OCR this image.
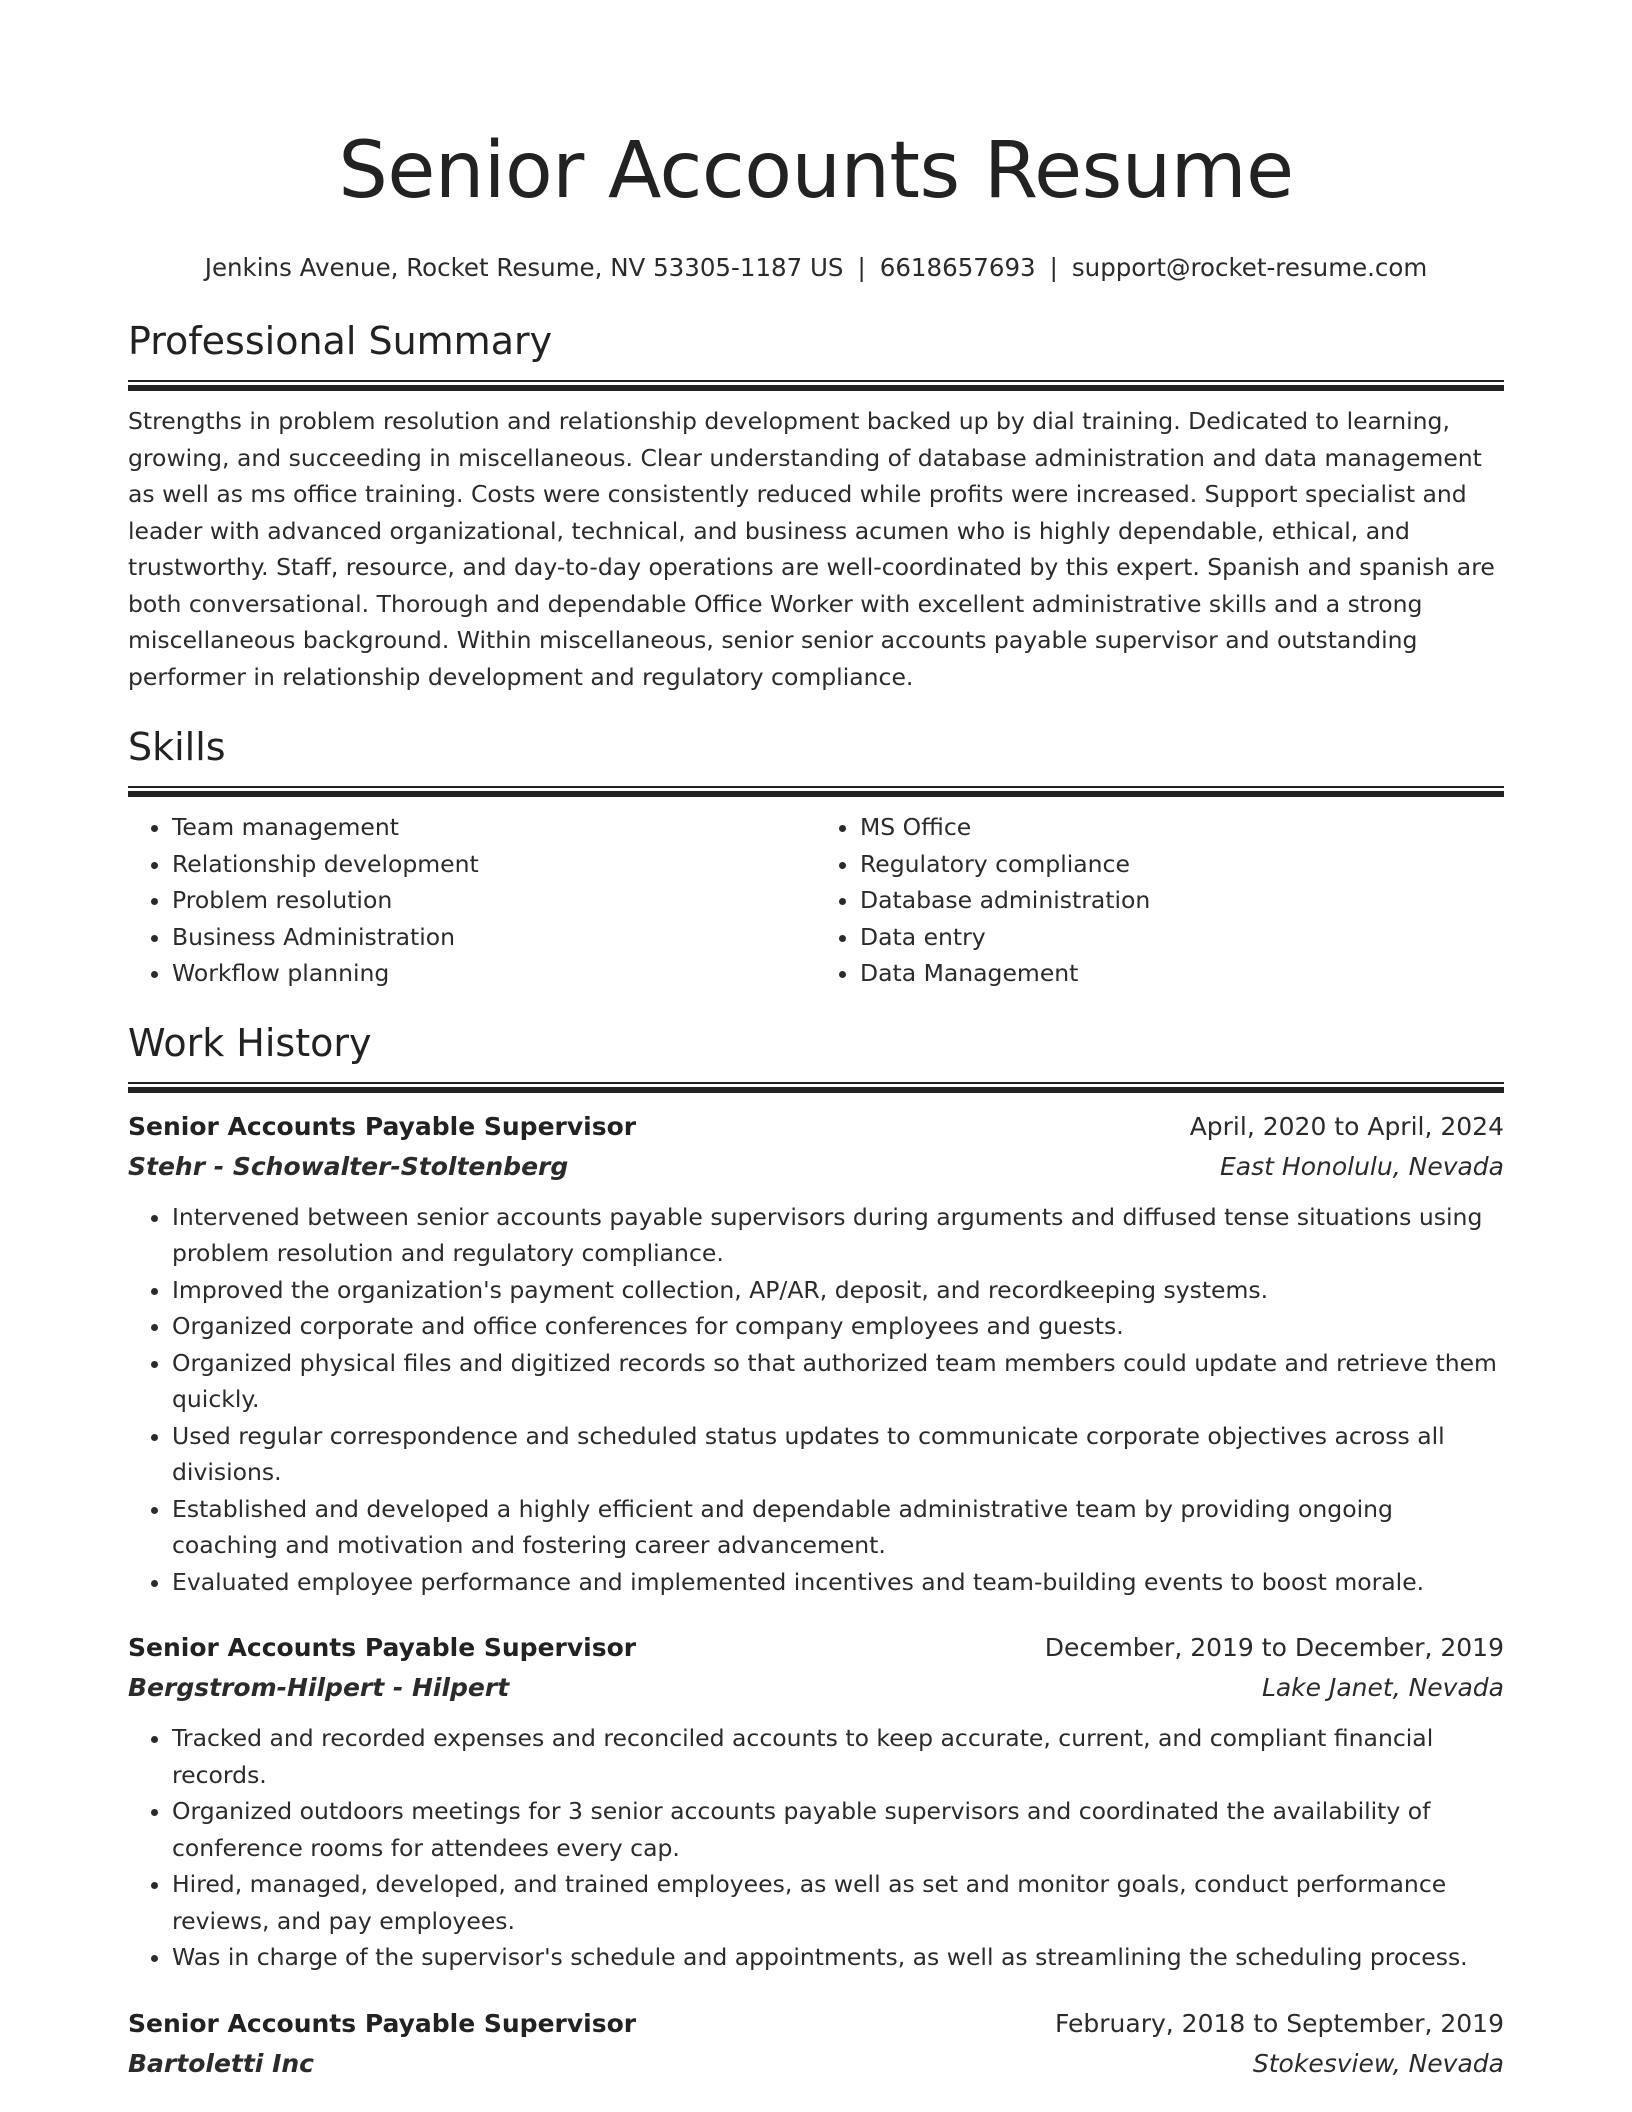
Senior Accounts Resume
Jenkins Avenue, Rocket Resume, NV 53305-1187 US | 6618657693 | support@rocket-resume.com
Professional Summary
Strengths in problem resolution and relationship development backed up by dial training. Dedicated to learning, growing, and succeeding in miscellaneous. Clear understanding of database administration and data management as well as ms office training. Costs were consistently reduced while profits were increased. Support specialist and leader with advanced organizational, technical, and business acumen who is highly dependable, ethical, and trustworthy. Staff, resource, and day-to-day operations are well-coordinated by this expert. Spanish and spanish are both conversational. Thorough and dependable Office Worker with excellent administrative skills and a strong miscellaneous background. Within miscellaneous, senior senior accounts payable supervisor and outstanding performer in relationship development and regulatory compliance.
Skills
• Team management
• Relationship development
• Problem resolution
• Business Administration
• Workflow planning
• MS Office
• Regulatory compliance
• Database administration
• Data entry
• Data Management
Work History
Senior Accounts Payable Supervisor	April, 2020 to April, 2024
Stehr - Schowalter-Stoltenberg	East Honolulu, Nevada
• Intervened between senior accounts payable supervisors during arguments and diffused tense situations using problem resolution and regulatory compliance.
• Improved the organization's payment collection, AP/AR, deposit, and recordkeeping systems.
• Organized corporate and office conferences for company employees and guests.
• Organized physical files and digitized records so that authorized team members could update and retrieve them quickly.
• Used regular correspondence and scheduled status updates to communicate corporate objectives across all divisions.
• Established and developed a highly efficient and dependable administrative team by providing ongoing coaching and motivation and fostering career advancement.
• Evaluated employee performance and implemented incentives and team-building events to boost morale.
Senior Accounts Payable Supervisor	December, 2019 to December, 2019
Bergstrom-Hilpert - Hilpert	Lake Janet, Nevada
• Tracked and recorded expenses and reconciled accounts to keep accurate, current, and compliant financial records.
• Organized outdoors meetings for 3 senior accounts payable supervisors and coordinated the availability of conference rooms for attendees every cap.
• Hired, managed, developed, and trained employees, as well as set and monitor goals, conduct performance reviews, and pay employees.
• Was in charge of the supervisor's schedule and appointments, as well as streamlining the scheduling process.
Senior Accounts Payable Supervisor	February, 2018 to September, 2019
Bartoletti Inc	Stokesview, Nevada
